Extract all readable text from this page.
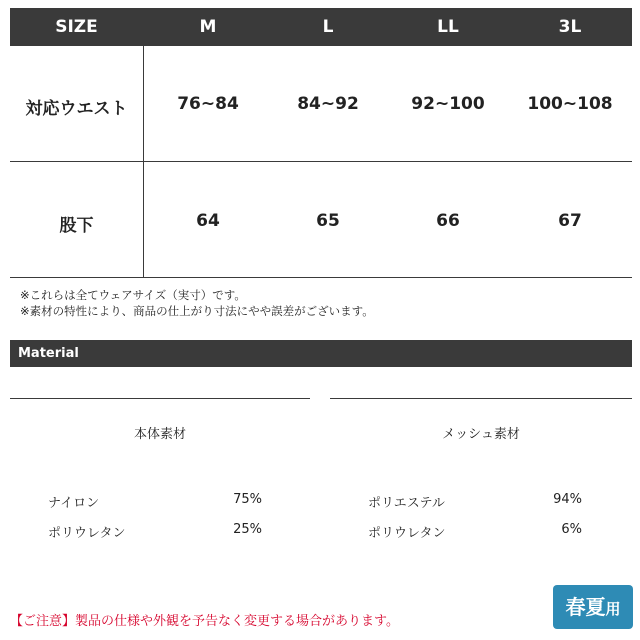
SIZE	M	L	LL	3L
対応ウエスト	76~84	84~92	92~100	100~108
股下	64	65	66	67
※これらは全てウェアサイズ（実寸）です。
※素材の特性により、商品の仕上がり寸法にやや誤差がございます。
Material
本体素材	メッシュ素材
ナイロン	75%
ポリウレタン	25%
ポリエステル	94%
ポリウレタン	6%
【ご注意】製品の仕様や外観を予告なく変更する場合があります。
春夏用
